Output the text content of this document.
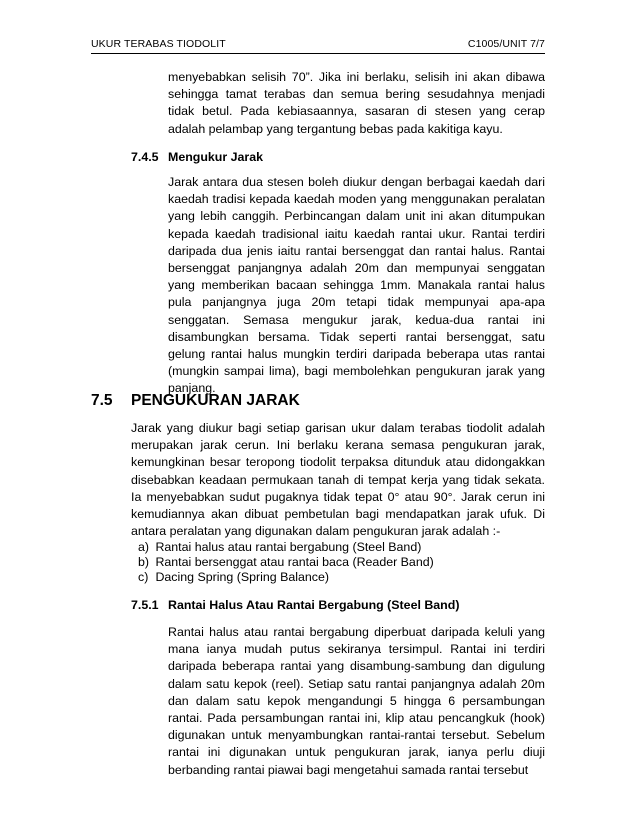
UKUR TERABAS TIODOLIT	C1005/UNIT 7/7

menyebabkan selisih 70”. Jika ini berlaku, selisih ini akan dibawa sehingga tamat terabas dan semua bering sesudahnya menjadi tidak betul. Pada kebiasaannya, sasaran di stesen yang cerap adalah pelambap yang tergantung bebas pada kakitiga kayu.

7.4.5 Mengukur Jarak

Jarak antara dua stesen boleh diukur dengan berbagai kaedah dari kaedah tradisi kepada kaedah moden yang menggunakan peralatan yang lebih canggih. Perbincangan dalam unit ini akan ditumpukan kepada kaedah tradisional iaitu kaedah rantai ukur. Rantai terdiri daripada dua jenis iaitu rantai bersenggat dan rantai halus. Rantai bersenggat panjangnya adalah 20m dan mempunyai senggatan yang memberikan bacaan sehingga 1mm. Manakala rantai halus pula panjangnya juga 20m tetapi tidak mempunyai apa-apa senggatan. Semasa mengukur jarak, kedua-dua rantai ini disambungkan bersama. Tidak seperti rantai bersenggat, satu gelung rantai halus mungkin terdiri daripada beberapa utas rantai (mungkin sampai lima), bagi membolehkan pengukuran jarak yang panjang.

7.5 PENGUKURAN JARAK

Jarak yang diukur bagi setiap garisan ukur dalam terabas tiodolit adalah merupakan jarak cerun. Ini berlaku kerana semasa pengukuran jarak, kemungkinan besar teropong tiodolit terpaksa ditunduk atau didongakkan disebabkan keadaan permukaan tanah di tempat kerja yang tidak sekata. Ia menyebabkan sudut pugaknya tidak tepat 0° atau 90°. Jarak cerun ini kemudiannya akan dibuat pembetulan bagi mendapatkan jarak ufuk. Di antara peralatan yang digunakan dalam pengukuran jarak adalah :-

a)
Rantai halus atau rantai bergabung (Steel Band)
b)
Rantai bersenggat atau rantai baca (Reader Band)
c)
Dacing Spring (Spring Balance)
7.5.1 Rantai Halus Atau Rantai Bergabung (Steel Band)

Rantai halus atau rantai bergabung diperbuat daripada keluli yang mana ianya mudah putus sekiranya tersimpul. Rantai ini terdiri daripada beberapa rantai yang disambung-sambung dan digulung dalam satu kepok (reel). Setiap satu rantai panjangnya adalah 20m dan dalam satu kepok mengandungi 5 hingga 6 persambungan rantai. Pada persambungan rantai ini, klip atau pencangkuk (hook) digunakan untuk menyambungkan rantai-rantai tersebut. Sebelum rantai ini digunakan untuk pengukuran jarak, ianya perlu diuji berbanding rantai piawai bagi mengetahui samada rantai tersebut
